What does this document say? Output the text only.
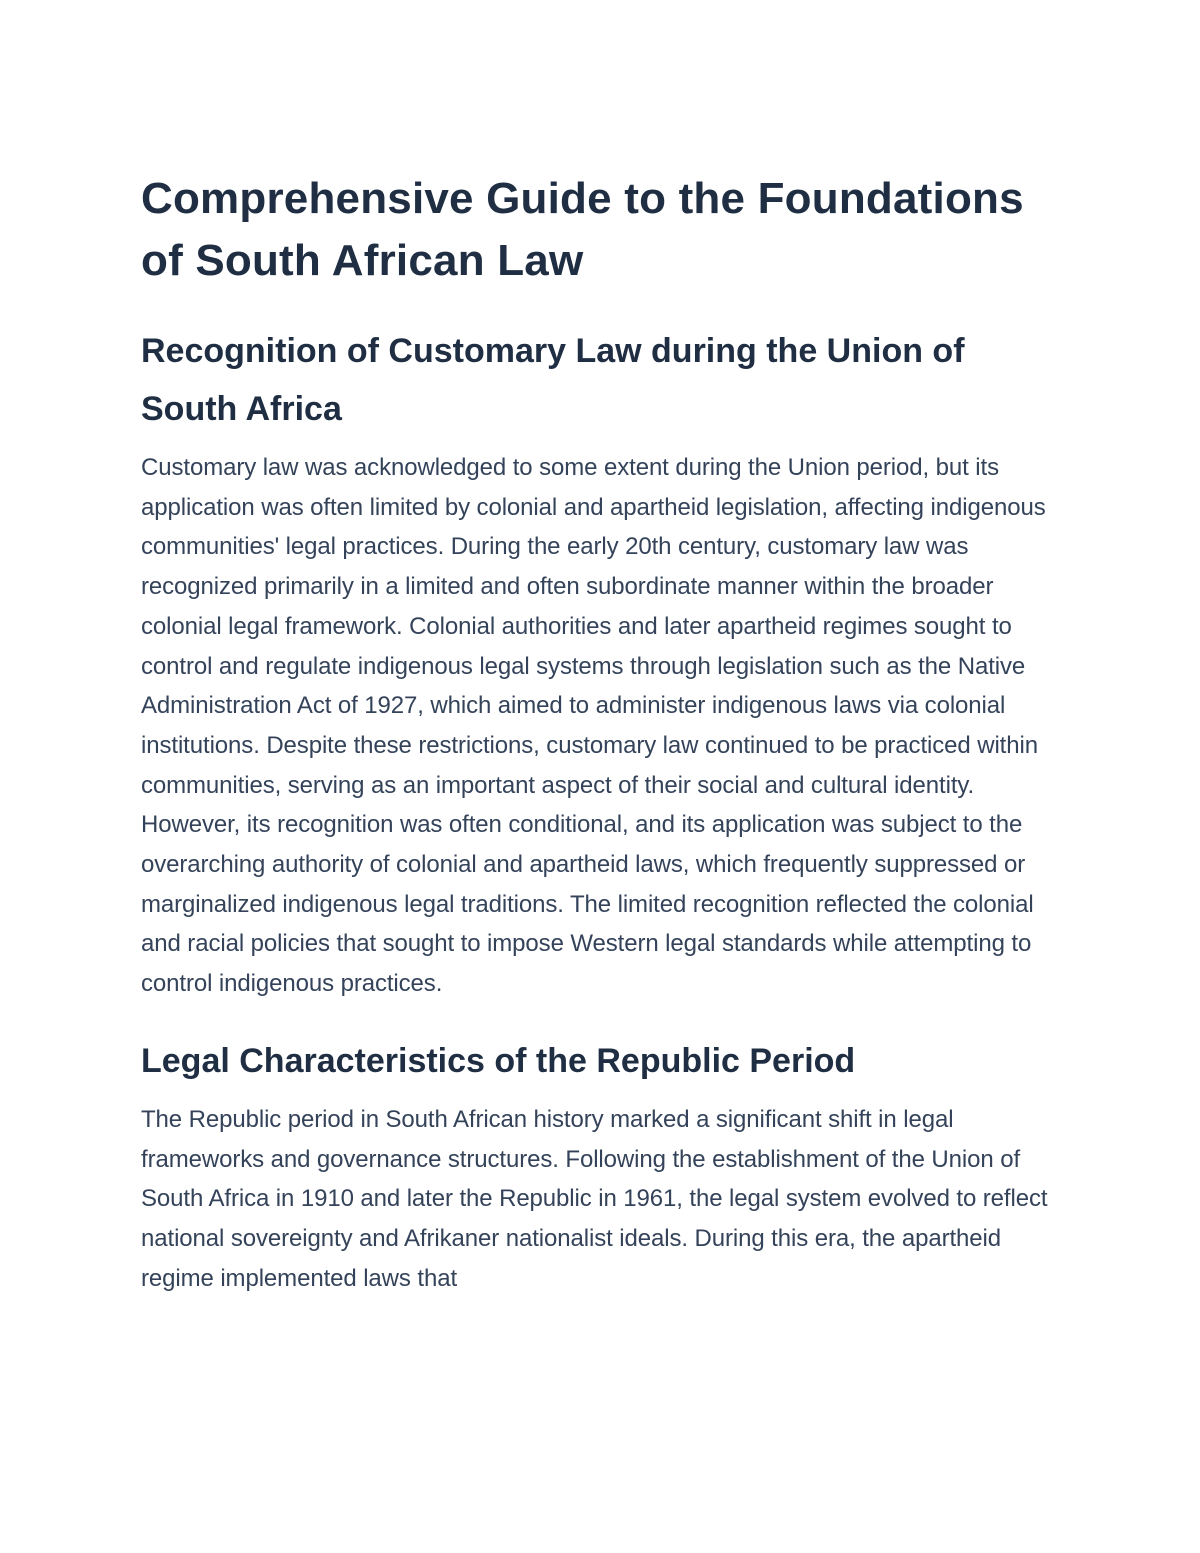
Comprehensive Guide to the Foundations of South African Law
Recognition of Customary Law during the Union of South Africa

Customary law was acknowledged to some extent during the Union period, but its application was often limited by colonial and apartheid legislation, affecting indigenous communities' legal practices. During the early 20th century, customary law was recognized primarily in a limited and often subordinate manner within the broader colonial legal framework. Colonial authorities and later apartheid regimes sought to control and regulate indigenous legal systems through legislation such as the Native Administration Act of 1927, which aimed to administer indigenous laws via colonial institutions. Despite these restrictions, customary law continued to be practiced within communities, serving as an important aspect of their social and cultural identity. However, its recognition was often conditional, and its application was subject to the overarching authority of colonial and apartheid laws, which frequently suppressed or marginalized indigenous legal traditions. The limited recognition reflected the colonial and racial policies that sought to impose Western legal standards while attempting to control indigenous practices.

Legal Characteristics of the Republic Period

The Republic period in South African history marked a significant shift in legal frameworks and governance structures. Following the establishment of the Union of South Africa in 1910 and later the Republic in 1961, the legal system evolved to reflect national sovereignty and Afrikaner nationalist ideals. During this era, the apartheid regime implemented laws that
